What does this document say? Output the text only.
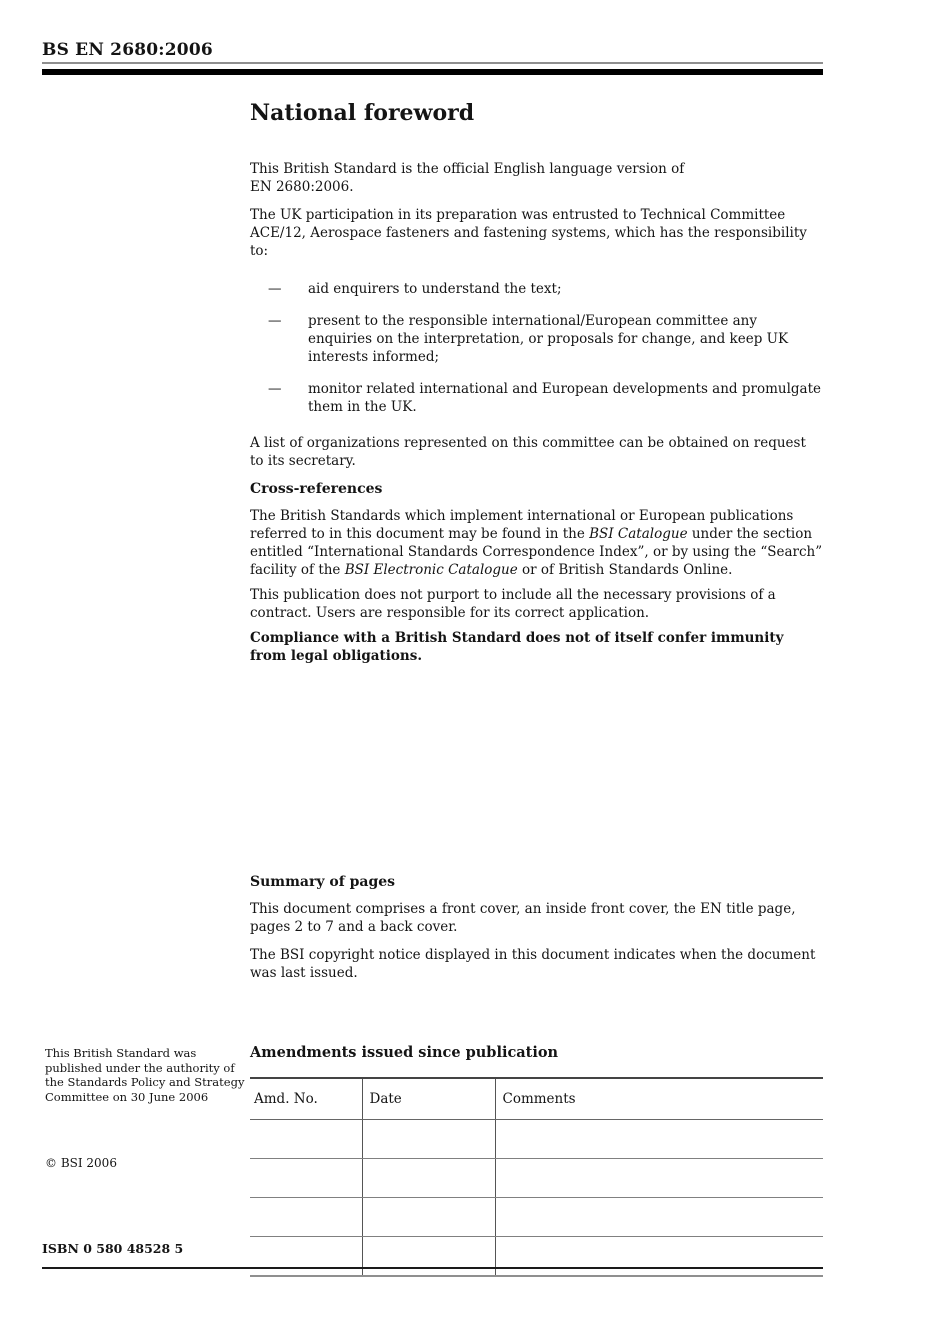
BS EN 2680:2006
National foreword

This British Standard is the official English language version of
EN 2680:2006.

The UK participation in its preparation was entrusted to Technical Committee ACE/12, Aerospace fasteners and fastening systems, which has the responsibility to:

—	aid enquirers to understand the text;
—	present to the responsible international/European committee any enquiries on the interpretation, or proposals for change, and keep UK interests informed;
—	monitor related international and European developments and promulgate them in the UK.

A list of organizations represented on this committee can be obtained on request to its secretary.

Cross-references

The British Standards which implement international or European publications referred to in this document may be found in the BSI Catalogue under the section entitled “International Standards Correspondence Index”, or by using the “Search” facility of the BSI Electronic Catalogue or of British Standards Online.

This publication does not purport to include all the necessary provisions of a contract. Users are responsible for its correct application.

Compliance with a British Standard does not of itself confer immunity from legal obligations.

Summary of pages

This document comprises a front cover, an inside front cover, the EN title page, pages 2 to 7 and a back cover.

The BSI copyright notice displayed in this document indicates when the document was last issued.

This British Standard was published under the authority of the Standards Policy and Strategy Committee on 30 June 2006
© BSI 2006
ISBN 0 580 48528 5
Amendments issued since publication
Amd. No.	Date	Comments
